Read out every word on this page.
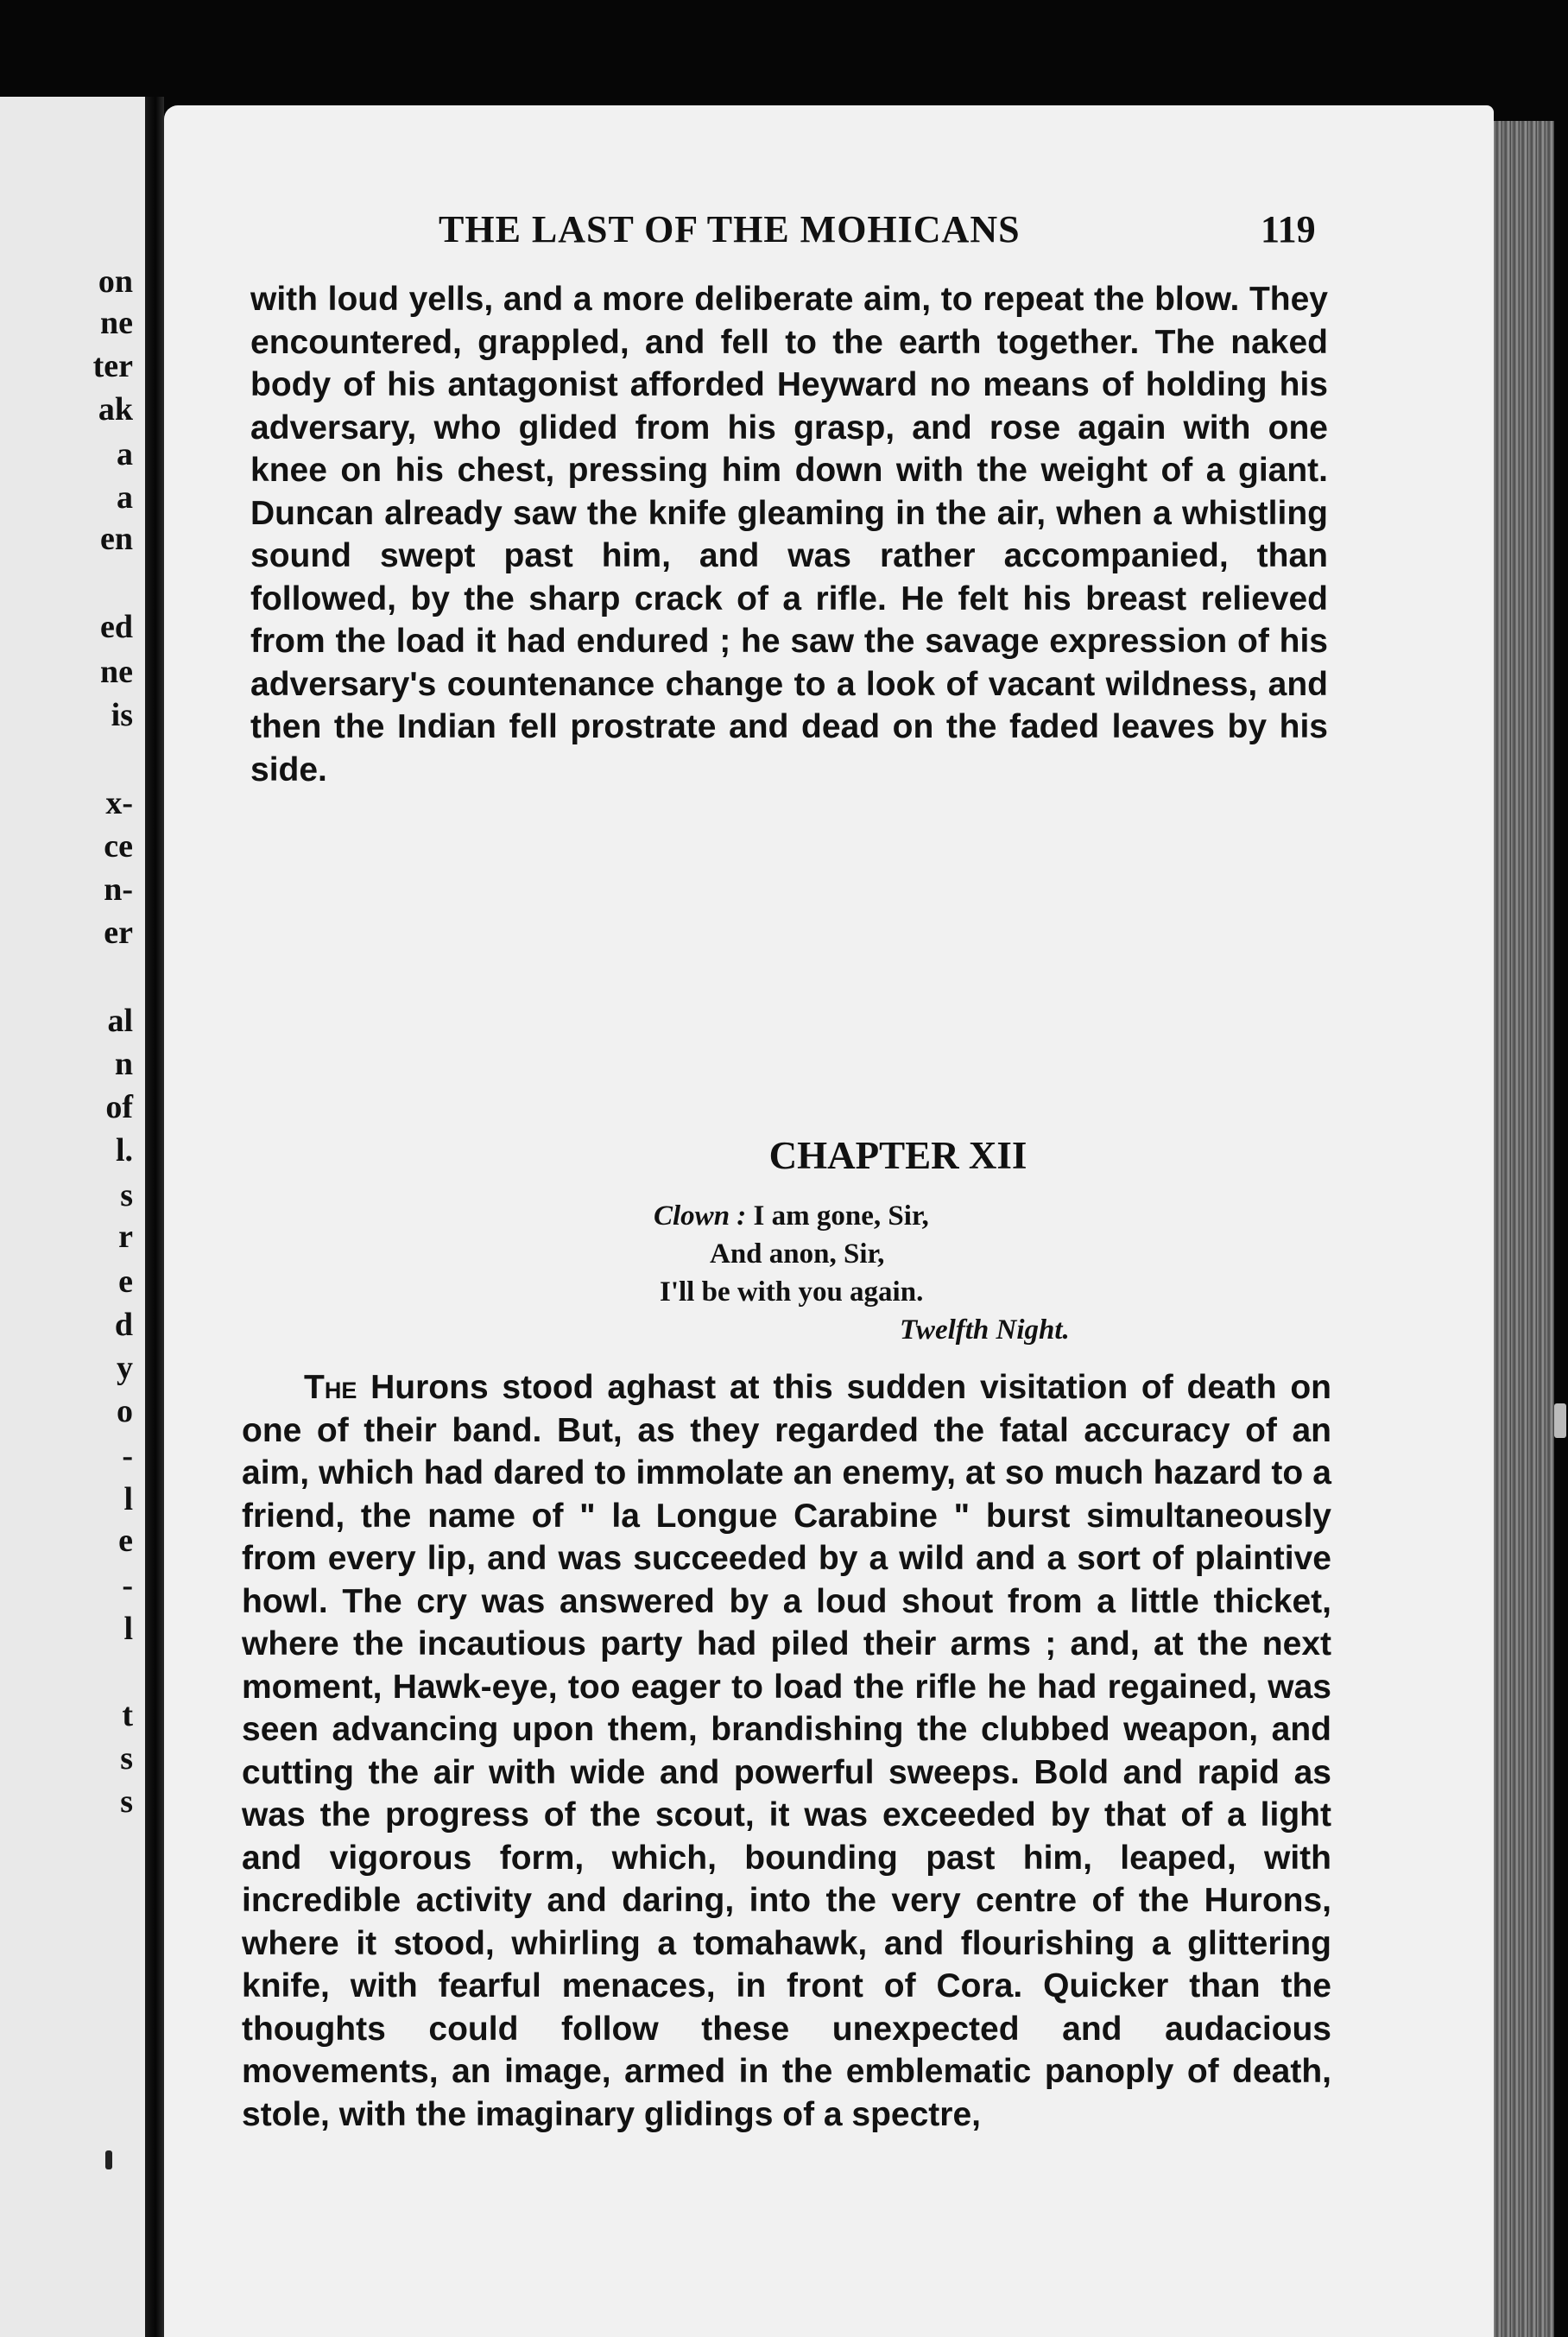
on
ne
ter
ak
a
a
en
ed
ne
is
x-
ce
n-
er
al
n
of
l.
s
r
e
d
y
o
-
l
e
-
l
t
s
s
THE LAST OF THE MOHICANS	119

with loud yells, and a more deliberate aim, to repeat the blow. They encountered, grappled, and fell to the earth together. The naked body of his antagonist afforded Heyward no means of holding his adversary, who glided from his grasp, and rose again with one knee on his chest, pressing him down with the weight of a giant. Duncan already saw the knife gleaming in the air, when a whistling sound swept past him, and was rather accompanied, than followed, by the sharp crack of a rifle. He felt his breast relieved from the load it had endured ; he saw the savage expression of his adversary's countenance change to a look of vacant wildness, and then the Indian fell prostrate and dead on the faded leaves by his side.

CHAPTER XII
Clown : I am gone, Sir,
And anon, Sir,
I'll be with you again.
Twelfth Night.

The Hurons stood aghast at this sudden visitation of death on one of their band. But, as they regarded the fatal accuracy of an aim, which had dared to immolate an enemy, at so much hazard to a friend, the name of " la Longue Carabine " burst simultaneously from every lip, and was succeeded by a wild and a sort of plaintive howl. The cry was answered by a loud shout from a little thicket, where the incautious party had piled their arms ; and, at the next moment, Hawk-eye, too eager to load the rifle he had regained, was seen advancing upon them, brandishing the clubbed weapon, and cutting the air with wide and powerful sweeps. Bold and rapid as was the progress of the scout, it was exceeded by that of a light and vigorous form, which, bounding past him, leaped, with incredible activity and daring, into the very centre of the Hurons, where it stood, whirling a tomahawk, and flourishing a glittering knife, with fearful menaces, in front of Cora. Quicker than the thoughts could follow these unexpected and audacious movements, an image, armed in the emblematic panoply of death, stole, with the imaginary glidings of a spectre,
